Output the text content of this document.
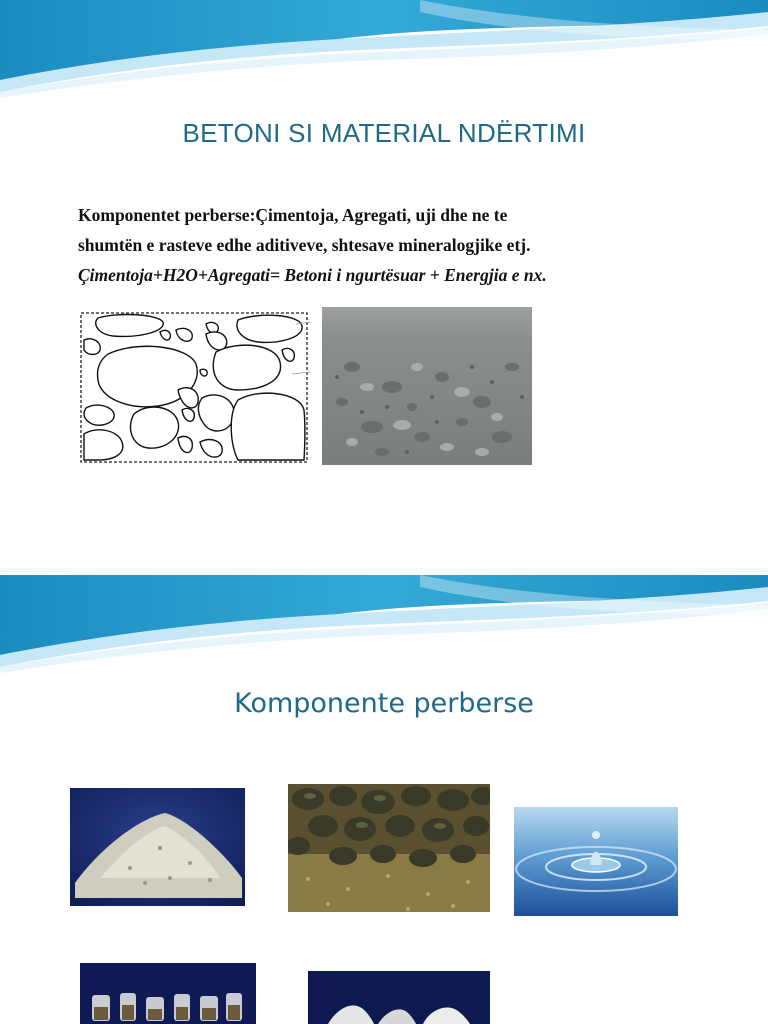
BETONI SI MATERIAL NDËRTIMI
Komponentet perberse:Çimentoja, Agregati, uji dhe ne te
shumtën e rasteve edhe aditiveve, shtesave mineralogjike etj.
Çimentoja+H2O+Agregati= Betoni i ngurtësuar + Energjia e nx.
Komponente perberse
